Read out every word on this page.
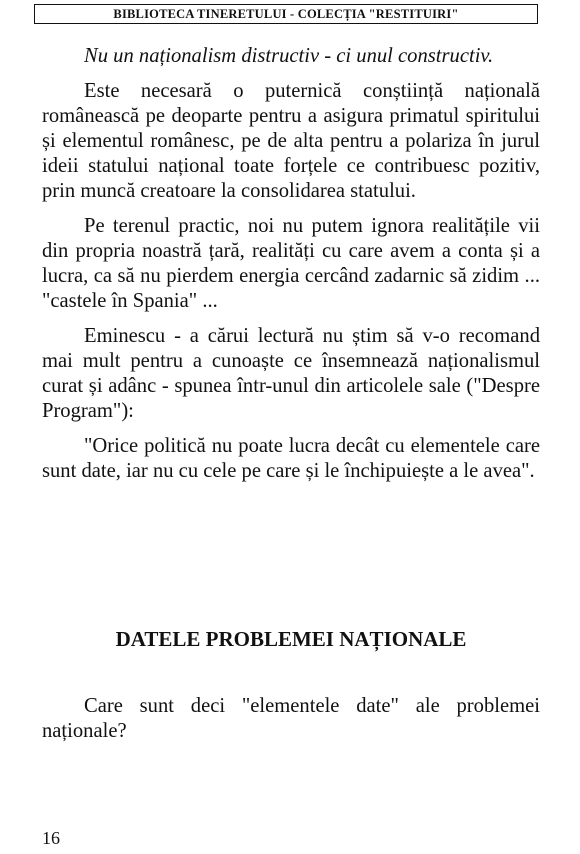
BIBLIOTECA TINERETULUI - COLECȚIA "RESTITUIRI"

Nu un naționalism distructiv - ci unul constructiv.

Este necesară o puternică conștiință națională românească pe deoparte pentru a asigura primatul spiritului și elementul românesc, pe de alta pentru a polariza în jurul ideii statului național toate forțele ce contribuesc pozitiv, prin muncă creatoare la consolidarea statului.

Pe terenul practic, noi nu putem ignora realitățile vii din propria noastră țară, realități cu care avem a conta și a lucra, ca să nu pierdem energia cercând zadarnic să zidim ... "castele în Spania" ...

Eminescu - a cărui lectură nu știm să v-o recomand mai mult pentru a cunoaște ce însemnează naționalismul curat și adânc - spunea într-unul din articolele sale ("Despre Program"):

"Orice politică nu poate lucra decât cu elementele care sunt date, iar nu cu cele pe care și le închipuiește a le avea".

DATELE PROBLEMEI NAȚIONALE

Care sunt deci "elementele date" ale problemei naționale?

16
